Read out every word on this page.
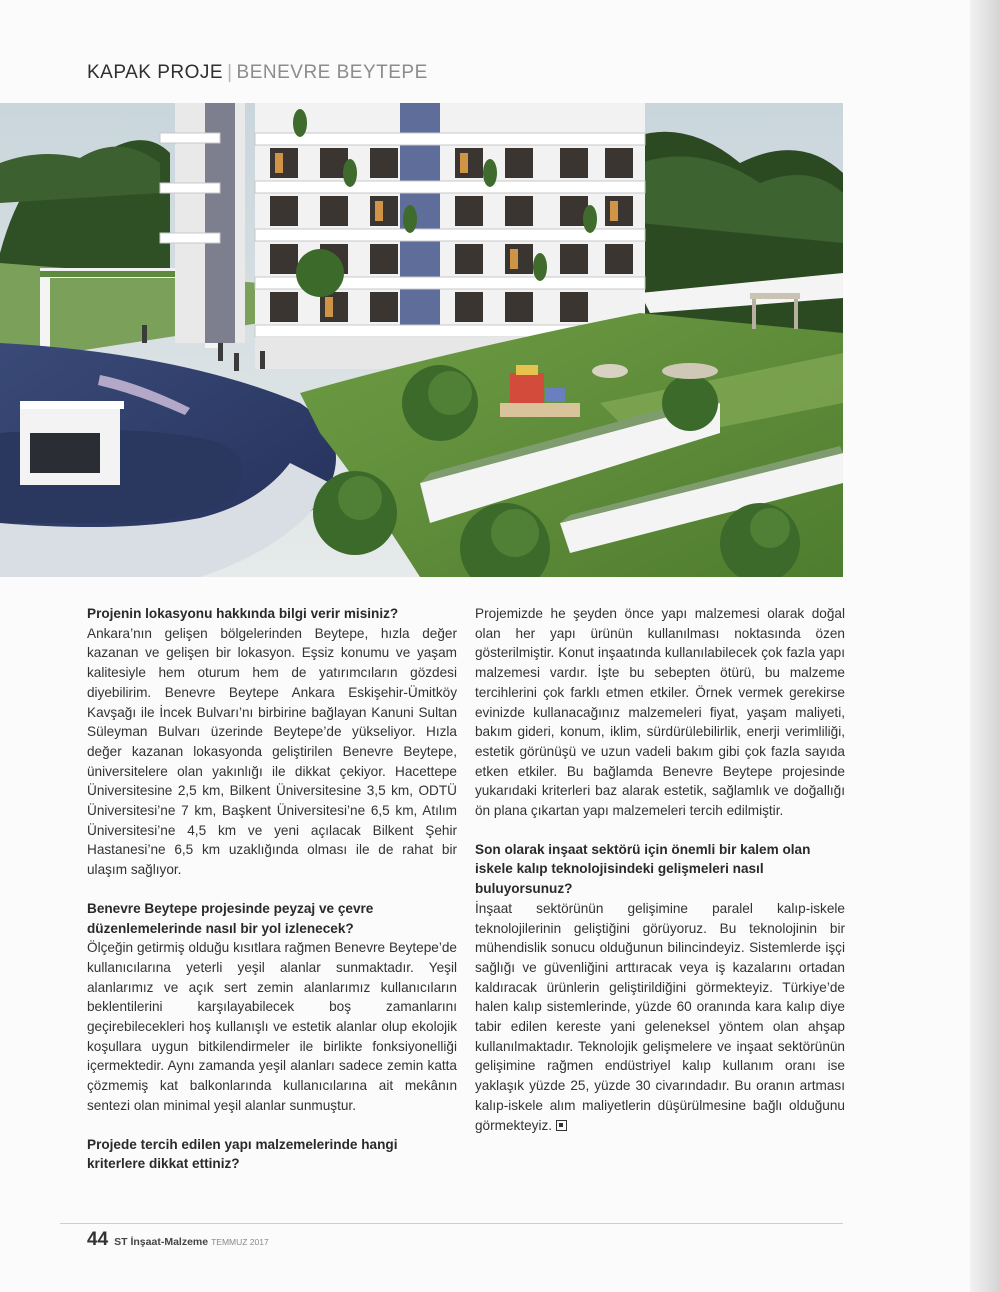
KAPAK PROJE | BENEVRE BEYTEPE

Projenin lokasyonu hakkında bilgi verir misiniz?

Ankara’nın gelişen bölgelerinden Beytepe, hızla değer kazanan ve gelişen bir lokasyon. Eşsiz konumu ve yaşam kalitesiyle hem oturum hem de yatırımcıların gözdesi diyebilirim. Benevre Beytepe Ankara Eskişehir-Ümitköy Kavşağı ile İncek Bulvarı’nı birbirine bağlayan Kanuni Sultan Süleyman Bulvarı üzerinde Beytepe’de yükseliyor. Hızla değer kazanan lokasyonda geliştirilen Benevre Beytepe, üniversitelere olan yakınlığı ile dikkat çekiyor. Hacettepe Üniversitesine 2,5 km, Bilkent Üniversitesine 3,5 km, ODTÜ Üniversitesi’ne 7 km, Başkent Üniversitesi’ne 6,5 km, Atılım Üniversitesi’ne 4,5 km ve yeni açılacak Bilkent Şehir Hastanesi’ne 6,5 km uzaklığında olması ile de rahat bir ulaşım sağlıyor.

Benevre Beytepe projesinde peyzaj ve çevre düzenlemelerinde nasıl bir yol izlenecek?

Ölçeğin getirmiş olduğu kısıtlara rağmen Benevre Beytepe’de kullanıcılarına yeterli yeşil alanlar sunmaktadır. Yeşil alanlarımız ve açık sert zemin alanlarımız kullanıcıların beklentilerini karşılayabilecek boş zamanlarını geçirebilecekleri hoş kullanışlı ve estetik alanlar olup ekolojik koşullara uygun bitkilendirmeler ile birlikte fonksiyonelliği içermektedir. Aynı zamanda yeşil alanları sadece zemin katta çözmemiş kat balkonlarında kullanıcılarına ait mekânın sentezi olan minimal yeşil alanlar sunmuştur.

Projede tercih edilen yapı malzemelerinde hangi kriterlere dikkat ettiniz?

Projemizde he şeyden önce yapı malzemesi olarak doğal olan her yapı ürünün kullanılması noktasında özen gösterilmiştir. Konut inşaatında kullanılabilecek çok fazla yapı malzemesi vardır. İşte bu sebepten ötürü, bu malzeme tercihlerini çok farklı etmen etkiler. Örnek vermek gerekirse evinizde kullanacağınız malzemeleri fiyat, yaşam maliyeti, bakım gideri, konum, iklim, sürdürülebilirlik, enerji verimliliği, estetik görünüşü ve uzun vadeli bakım gibi çok fazla sayıda etken etkiler. Bu bağlamda Benevre Beytepe projesinde yukarıdaki kriterleri baz alarak estetik, sağlamlık ve doğallığı ön plana çıkartan yapı malzemeleri tercih edilmiştir.

Son olarak inşaat sektörü için önemli bir kalem olan iskele kalıp teknolojisindeki gelişmeleri nasıl buluyorsunuz?

İnşaat sektörünün gelişimine paralel kalıp-iskele teknolojilerinin geliştiğini görüyoruz. Bu teknolojinin bir mühendislik sonucu olduğunun bilincindeyiz. Sistemlerde işçi sağlığı ve güvenliğini arttıracak veya iş kazalarını ortadan kaldıracak ürünlerin geliştirildiğini görmekteyiz. Türkiye’de halen kalıp sistemlerinde, yüzde 60 oranında kara kalıp diye tabir edilen kereste yani geleneksel yöntem olan ahşap kullanılmaktadır. Teknolojik gelişmelere ve inşaat sektörünün gelişimine rağmen endüstriyel kalıp kullanım oranı ise yaklaşık yüzde 25, yüzde 30 civarındadır. Bu oranın artması kalıp-iskele alım maliyetlerin düşürülmesine bağlı olduğunu görmekteyiz.

44 ST İnşaat-Malzeme TEMMUZ 2017
